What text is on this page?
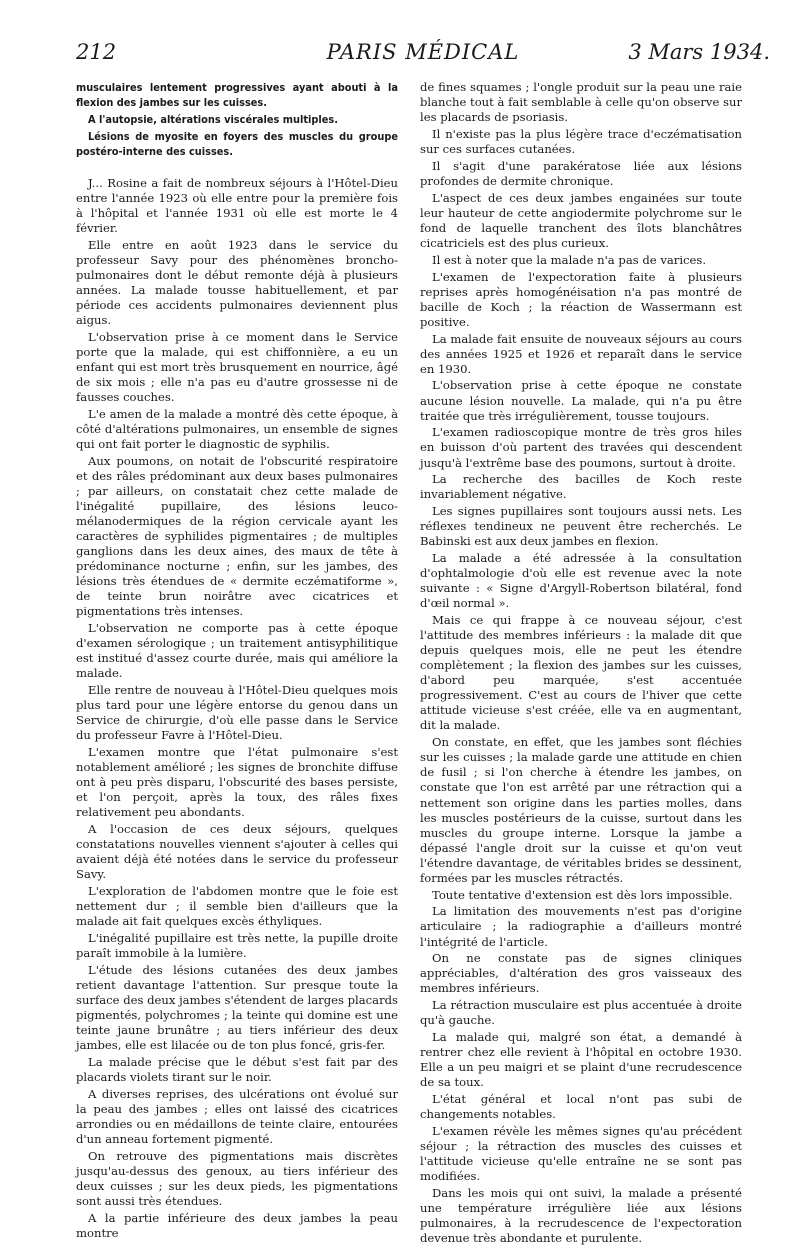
212	PARIS MÉDICAL	3 Mars 1934.

musculaires lentement progressives ayant abouti à la flexion des jambes sur les cuisses.

A l'autopsie, altérations viscérales multiples.

Lésions de myosite en foyers des muscles du groupe postéro-interne des cuisses.

J... Rosine a fait de nombreux séjours à l'Hôtel-Dieu entre l'année 1923 où elle entre pour la première fois à l'hôpital et l'année 1931 où elle est morte le 4 février.

Elle entre en août 1923 dans le service du professeur Savy pour des phénomènes broncho-pulmonaires dont le début remonte déjà à plusieurs années. La malade tousse habituellement, et par période ces accidents pulmonaires deviennent plus aigus.

L'observation prise à ce moment dans le Service porte que la malade, qui est chiffonnière, a eu un enfant qui est mort très brusquement en nourrice, âgé de six mois ; elle n'a pas eu d'autre grossesse ni de fausses couches.

L'e amen de la malade a montré dès cette époque, à côté d'altérations pulmonaires, un ensemble de signes qui ont fait porter le diagnostic de syphilis.

Aux poumons, on notait de l'obscurité respiratoire et des râles prédominant aux deux bases pulmonaires ; par ailleurs, on constatait chez cette malade de l'inégalité pupillaire, des lésions leuco-mélanodermiques de la région cervicale ayant les caractères de syphilides pigmentaires ; de multiples ganglions dans les deux aines, des maux de tête à prédominance nocturne ; enfin, sur les jambes, des lésions très étendues de « dermite eczématiforme », de teinte brun noirâtre avec cicatrices et pigmentations très intenses.

L'observation ne comporte pas à cette époque d'examen sérologique ; un traitement antisyphilitique est institué d'assez courte durée, mais qui améliore la malade.

Elle rentre de nouveau à l'Hôtel-Dieu quelques mois plus tard pour une légère entorse du genou dans un Service de chirurgie, d'où elle passe dans le Service du professeur Favre à l'Hôtel-Dieu.

L'examen montre que l'état pulmonaire s'est notablement amélioré ; les signes de bronchite diffuse ont à peu près disparu, l'obscurité des bases persiste, et l'on perçoit, après la toux, des râles fixes relativement peu abondants.

A l'occasion de ces deux séjours, quelques constatations nouvelles viennent s'ajouter à celles qui avaient déjà été notées dans le service du professeur Savy.

L'exploration de l'abdomen montre que le foie est nettement dur ; il semble bien d'ailleurs que la malade ait fait quelques excès éthyliques.

L'inégalité pupillaire est très nette, la pupille droite paraît immobile à la lumière.

L'étude des lésions cutanées des deux jambes retient davantage l'attention. Sur presque toute la surface des deux jambes s'étendent de larges placards pigmentés, polychromes ; la teinte qui domine est une teinte jaune brunâtre ; au tiers inférieur des deux jambes, elle est lilacée ou de ton plus foncé, gris-fer.

La malade précise que le début s'est fait par des placards violets tirant sur le noir.

A diverses reprises, des ulcérations ont évolué sur la peau des jambes ; elles ont laissé des cicatrices arrondies ou en médaillons de teinte claire, entourées d'un anneau fortement pigmenté.

On retrouve des pigmentations mais discrètes jusqu'au-dessus des genoux, au tiers inférieur des deux cuisses ; sur les deux pieds, les pigmentations sont aussi très étendues.

A la partie inférieure des deux jambes la peau montre

de fines squames ; l'ongle produit sur la peau une raie blanche tout à fait semblable à celle qu'on observe sur les placards de psoriasis.

Il n'existe pas la plus légère trace d'eczématisation sur ces surfaces cutanées.

Il s'agit d'une parakératose liée aux lésions profondes de dermite chronique.

L'aspect de ces deux jambes engainées sur toute leur hauteur de cette angiodermite polychrome sur le fond de laquelle tranchent des îlots blanchâtres cicatriciels est des plus curieux.

Il est à noter que la malade n'a pas de varices.

L'examen de l'expectoration faite à plusieurs reprises après homogénéisation n'a pas montré de bacille de Koch ; la réaction de Wassermann est positive.

La malade fait ensuite de nouveaux séjours au cours des années 1925 et 1926 et reparaît dans le service en 1930.

L'observation prise à cette époque ne constate aucune lésion nouvelle. La malade, qui n'a pu être traitée que très irrégulièrement, tousse toujours.

L'examen radioscopique montre de très gros hiles en buisson d'où partent des travées qui descendent jusqu'à l'extrême base des poumons, surtout à droite.

La recherche des bacilles de Koch reste invariablement négative.

Les signes pupillaires sont toujours aussi nets. Les réflexes tendineux ne peuvent être recherchés. Le Babinski est aux deux jambes en flexion.

La malade a été adressée à la consultation d'ophtalmologie d'où elle est revenue avec la note suivante : « Signe d'Argyll-Robertson bilatéral, fond d'œil normal ».

Mais ce qui frappe à ce nouveau séjour, c'est l'attitude des membres inférieurs : la malade dit que depuis quelques mois, elle ne peut les étendre complètement ; la flexion des jambes sur les cuisses, d'abord peu marquée, s'est accentuée progressivement. C'est au cours de l'hiver que cette attitude vicieuse s'est créée, elle va en augmentant, dit la malade.

On constate, en effet, que les jambes sont fléchies sur les cuisses ; la malade garde une attitude en chien de fusil ; si l'on cherche à étendre les jambes, on constate que l'on est arrêté par une rétraction qui a nettement son origine dans les parties molles, dans les muscles postérieurs de la cuisse, surtout dans les muscles du groupe interne. Lorsque la jambe a dépassé l'angle droit sur la cuisse et qu'on veut l'étendre davantage, de véritables brides se dessinent, formées par les muscles rétractés.

Toute tentative d'extension est dès lors impossible.

La limitation des mouvements n'est pas d'origine articulaire ; la radiographie a d'ailleurs montré l'intégrité de l'article.

On ne constate pas de signes cliniques appréciables, d'altération des gros vaisseaux des membres inférieurs.

La rétraction musculaire est plus accentuée à droite qu'à gauche.

La malade qui, malgré son état, a demandé à rentrer chez elle revient à l'hôpital en octobre 1930. Elle a un peu maigri et se plaint d'une recrudescence de sa toux.

L'état général et local n'ont pas subi de changements notables.

L'examen révèle les mêmes signes qu'au précédent séjour ; la rétraction des muscles des cuisses et l'attitude vicieuse qu'elle entraîne ne se sont pas modifiées.

Dans les mois qui ont suivi, la malade a présenté une température irrégulière liée aux lésions pulmonaires, à la recrudescence de l'expectoration devenue très abondante et purulente.
